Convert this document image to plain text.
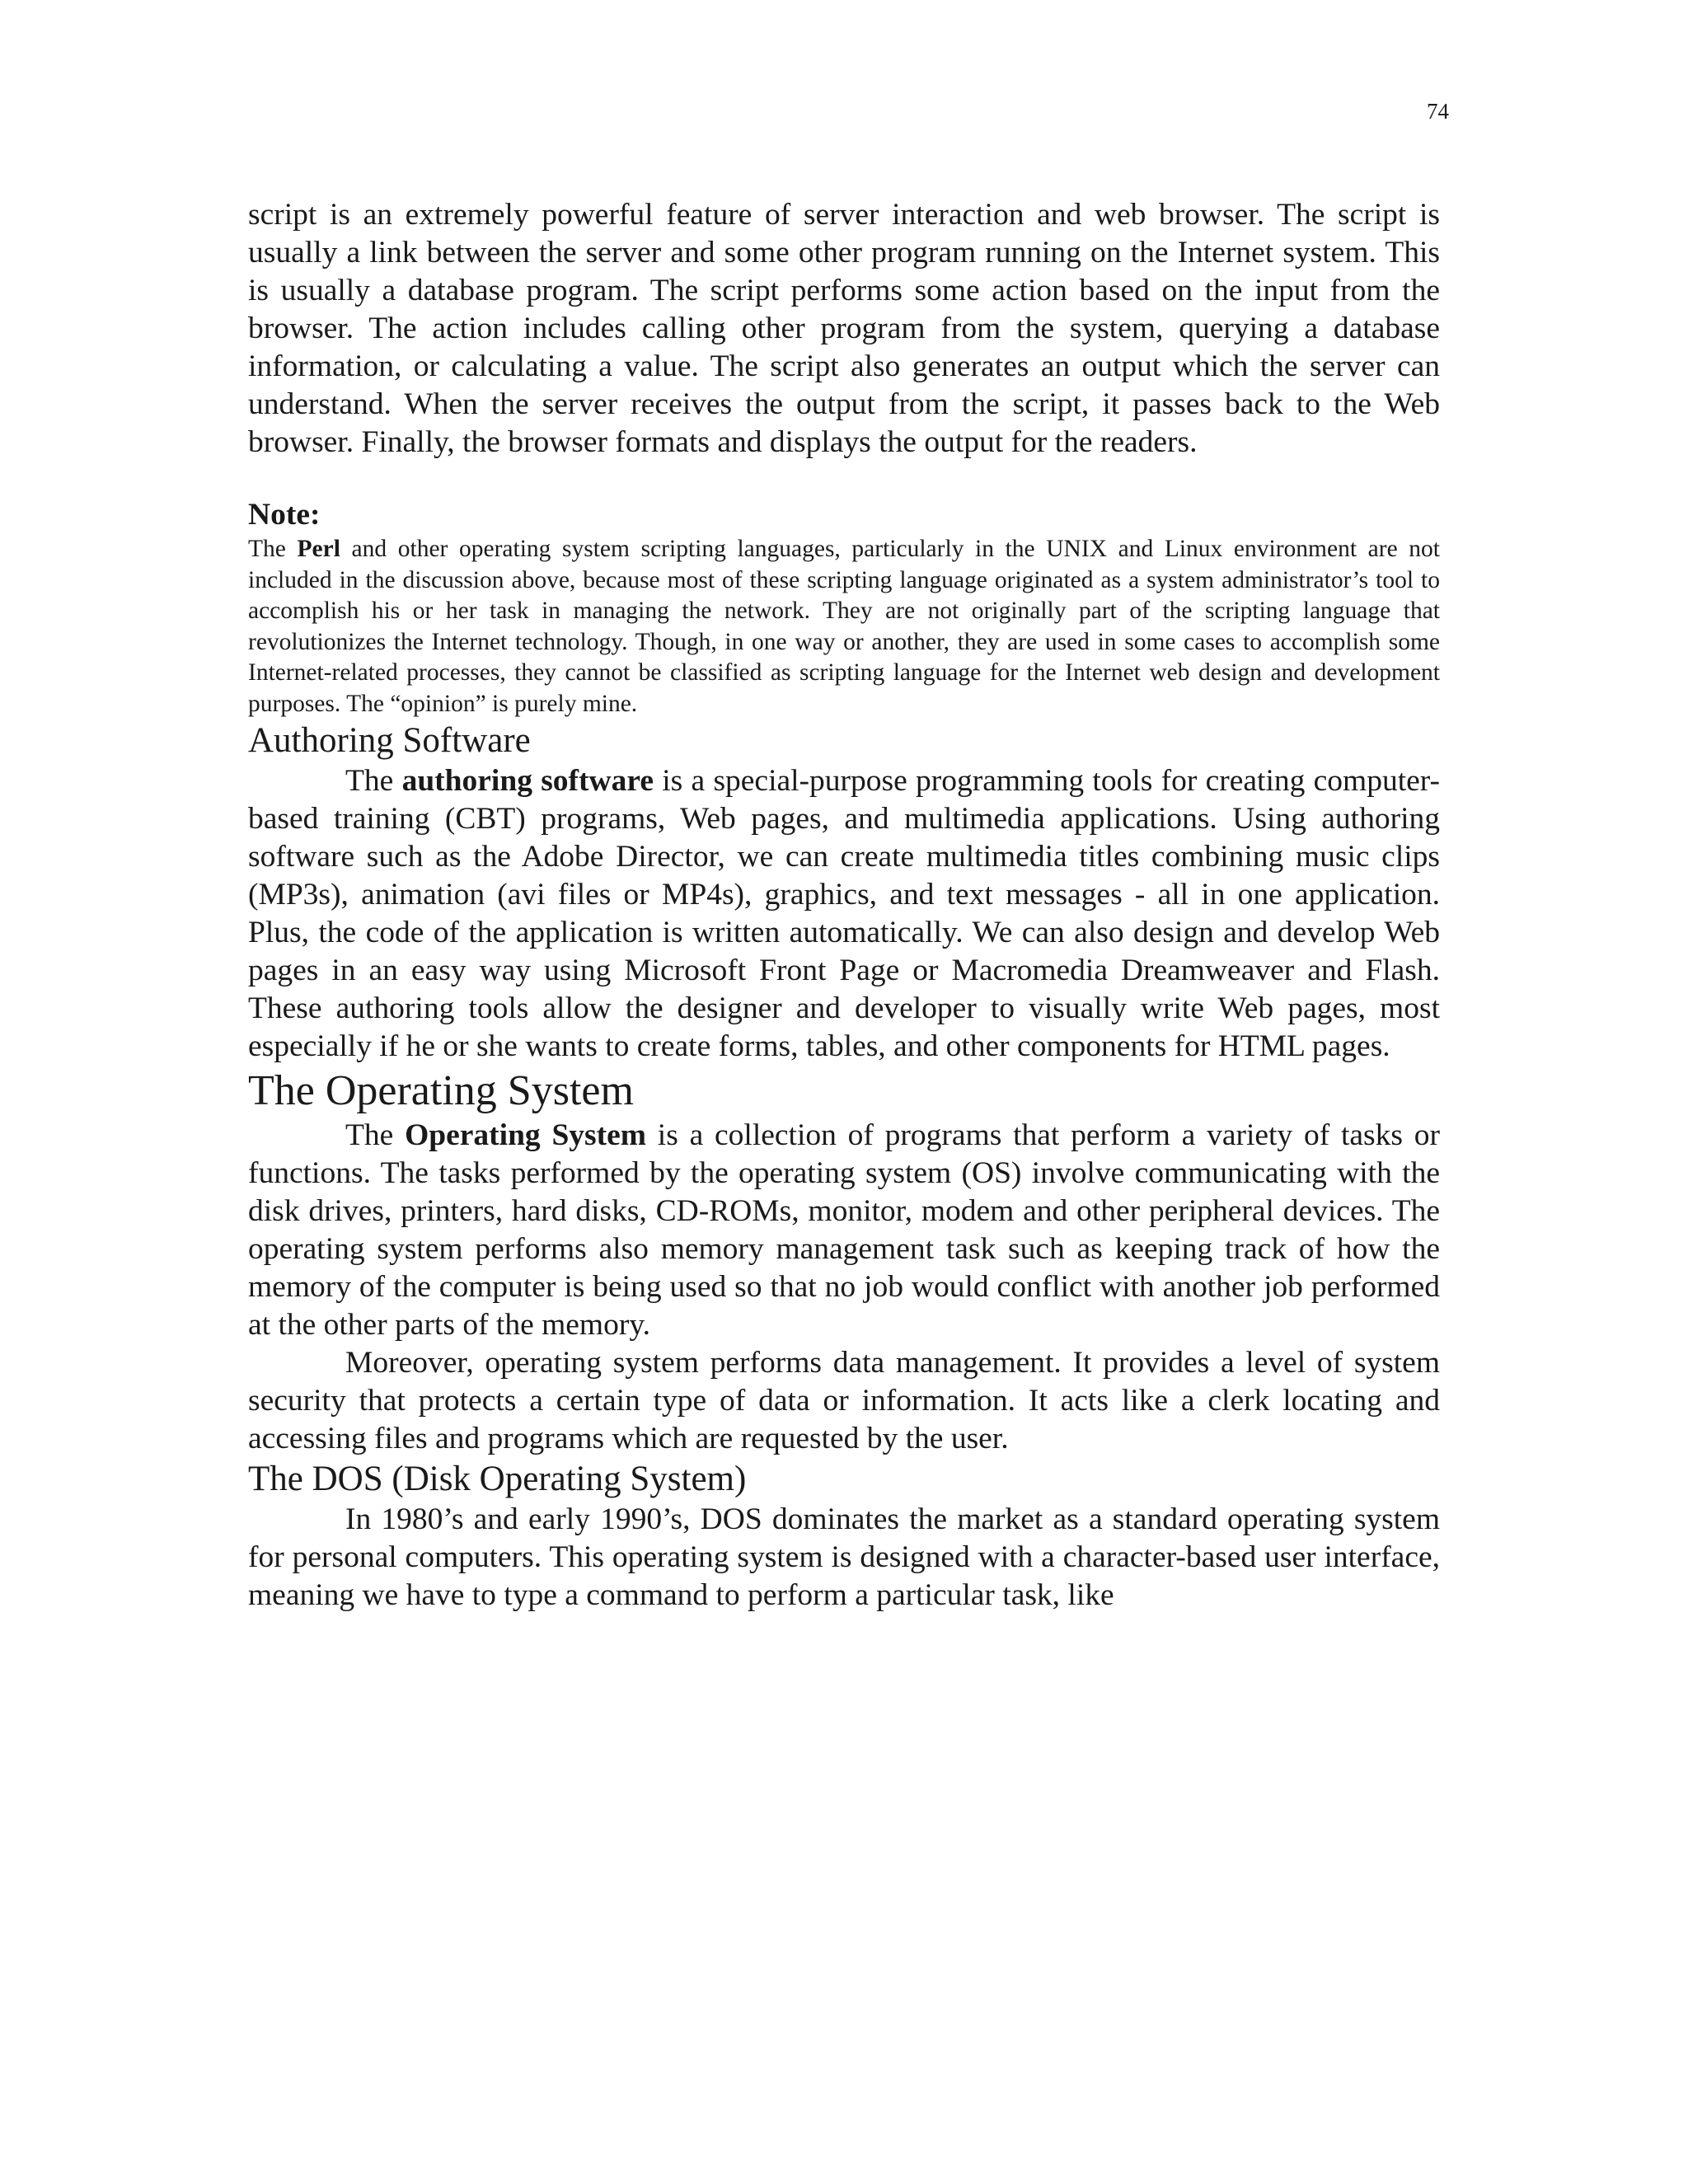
74

script is an extremely powerful feature of server interaction and web browser. The script is usually a link between the server and some other program running on the Internet system. This is usually a database program. The script performs some action based on the input from the browser. The action includes calling other program from the system, querying a database information, or calculating a value. The script also generates an output which the server can understand. When the server receives the output from the script, it passes back to the Web browser. Finally, the browser formats and displays the output for the readers.

Note:

The Perl and other operating system scripting languages, particularly in the UNIX and Linux environment are not included in the discussion above, because most of these scripting language originated as a system administrator’s tool to accomplish his or her task in managing the network. They are not originally part of the scripting language that revolutionizes the Internet technology. Though, in one way or another, they are used in some cases to accomplish some Internet-related processes, they cannot be classified as scripting language for the Internet web design and development purposes. The “opinion” is purely mine.

Authoring Software

The authoring software is a special-purpose programming tools for creating computer-based training (CBT) programs, Web pages, and multimedia applications. Using authoring software such as the Adobe Director, we can create multimedia titles combining music clips (MP3s), animation (avi files or MP4s), graphics, and text messages - all in one application. Plus, the code of the application is written automatically. We can also design and develop Web pages in an easy way using Microsoft Front Page or Macromedia Dreamweaver and Flash. These authoring tools allow the designer and developer to visually write Web pages, most especially if he or she wants to create forms, tables, and other components for HTML pages.

The Operating System

The Operating System is a collection of programs that perform a variety of tasks or functions. The tasks performed by the operating system (OS) involve communicating with the disk drives, printers, hard disks, CD-ROMs, monitor, modem and other peripheral devices. The operating system performs also memory management task such as keeping track of how the memory of the computer is being used so that no job would conflict with another job performed at the other parts of the memory.

Moreover, operating system performs data management. It provides a level of system security that protects a certain type of data or information. It acts like a clerk locating and accessing files and programs which are requested by the user.

The DOS (Disk Operating System)

In 1980’s and early 1990’s, DOS dominates the market as a standard operating system for personal computers. This operating system is designed with a character-based user interface, meaning we have to type a command to perform a particular task, like
